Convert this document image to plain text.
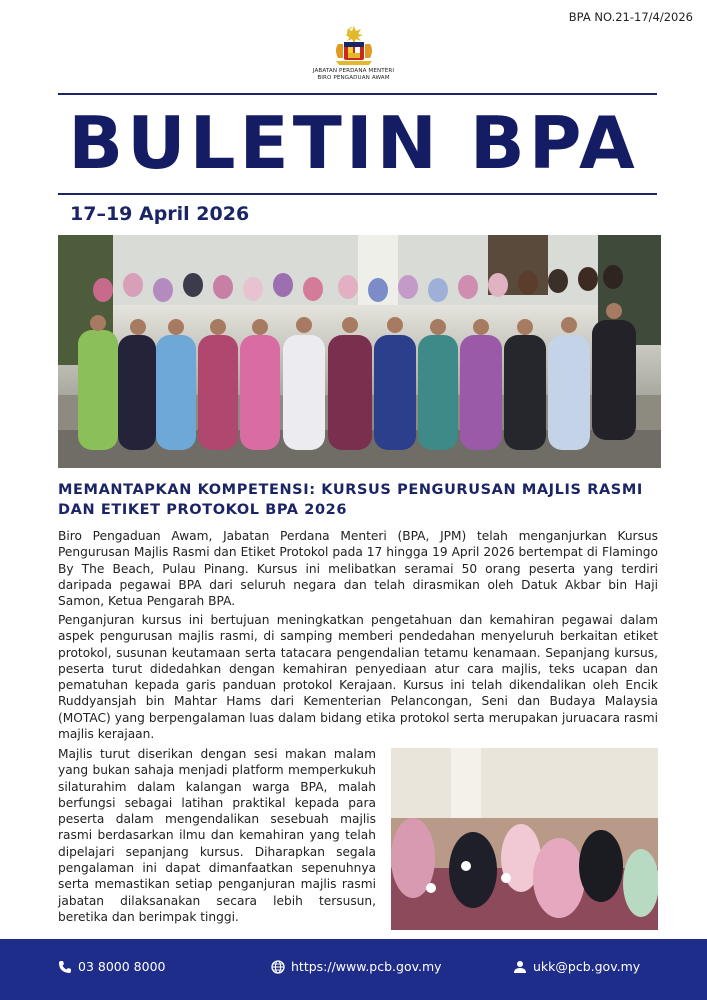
BPA NO.21-17/4/2026
JABATAN PERDANA MENTERI
BIRO PENGADUAN AWAM
BULETIN BPA
17–19 April 2026
MEMANTAPKAN KOMPETENSI: KURSUS PENGURUSAN MAJLIS RASMI DAN ETIKET PROTOKOL BPA 2026

Biro Pengaduan Awam, Jabatan Perdana Menteri (BPA, JPM) telah menganjurkan Kursus Pengurusan Majlis Rasmi dan Etiket Protokol pada 17 hingga 19 April 2026 bertempat di Flamingo By The Beach, Pulau Pinang. Kursus ini melibatkan seramai 50 orang peserta yang terdiri daripada pegawai BPA dari seluruh negara dan telah dirasmikan oleh Datuk Akbar bin Haji Samon, Ketua Pengarah BPA.

Penganjuran kursus ini bertujuan meningkatkan pengetahuan dan kemahiran pegawai dalam aspek pengurusan majlis rasmi, di samping memberi pendedahan menyeluruh berkaitan etiket protokol, susunan keutamaan serta tatacara pengendalian tetamu kenamaan. Sepanjang kursus, peserta turut didedahkan dengan kemahiran penyediaan atur cara majlis, teks ucapan dan pematuhan kepada garis panduan protokol Kerajaan. Kursus ini telah dikendalikan oleh Encik Ruddyansjah bin Mahtar Hams dari Kementerian Pelancongan, Seni dan Budaya Malaysia (MOTAC) yang berpengalaman luas dalam bidang etika protokol serta merupakan juruacara rasmi majlis kerajaan.

Majlis turut diserikan dengan sesi makan malam yang bukan sahaja menjadi platform memperkukuh silaturahim dalam kalangan warga BPA, malah berfungsi sebagai latihan praktikal kepada para peserta dalam mengendalikan sesebuah majlis rasmi berdasarkan ilmu dan kemahiran yang telah dipelajari sepanjang kursus. Diharapkan segala pengalaman ini dapat dimanfaatkan sepenuhnya serta memastikan setiap penganjuran majlis rasmi jabatan dilaksanakan secara lebih tersusun, beretika dan berimpak tinggi.

03 8000 8000	https://www.pcb.gov.my	ukk@pcb.gov.my
